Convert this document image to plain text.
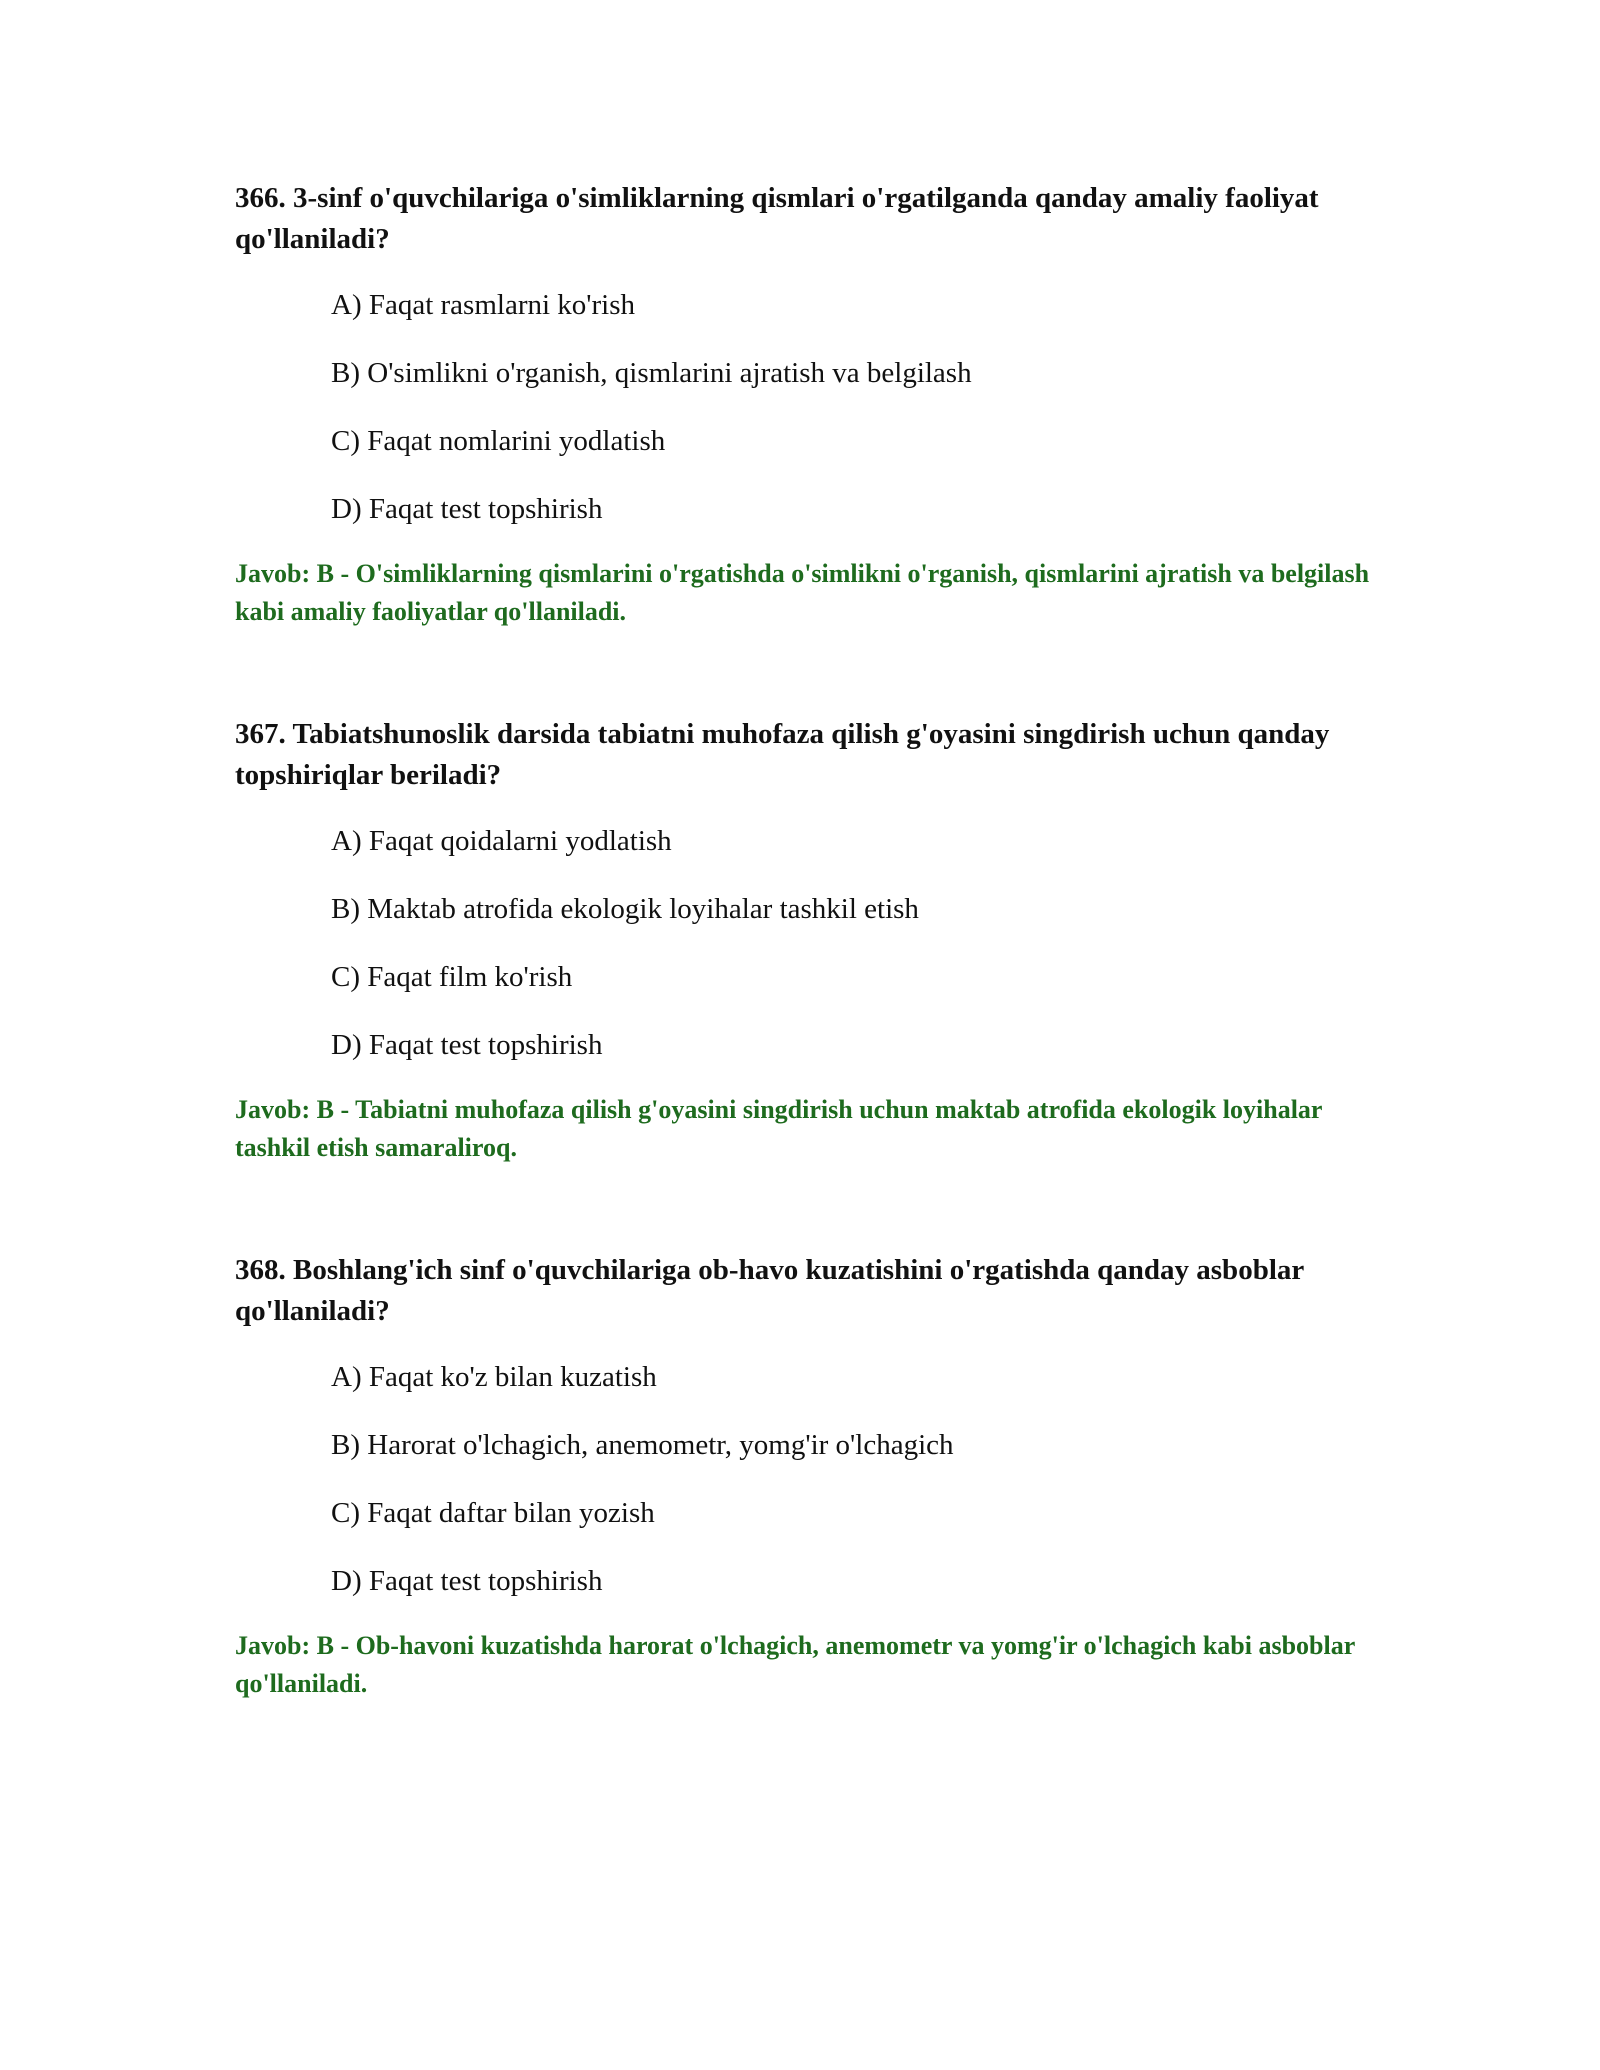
366. 3-sinf o'quvchilariga o'simliklarning qismlari o'rgatilganda qanday amaliy faoliyat qo'llaniladi?

A) Faqat rasmlarni ko'rish
B) O'simlikni o'rganish, qismlarini ajratish va belgilash
C) Faqat nomlarini yodlatish
D) Faqat test topshirish

Javob: B - O'simliklarning qismlarini o'rgatishda o'simlikni o'rganish, qismlarini ajratish va belgilash kabi amaliy faoliyatlar qo'llaniladi.

367. Tabiatshunoslik darsida tabiatni muhofaza qilish g'oyasini singdirish uchun qanday topshiriqlar beriladi?

A) Faqat qoidalarni yodlatish
B) Maktab atrofida ekologik loyihalar tashkil etish
C) Faqat film ko'rish
D) Faqat test topshirish

Javob: B - Tabiatni muhofaza qilish g'oyasini singdirish uchun maktab atrofida ekologik loyihalar tashkil etish samaraliroq.

368. Boshlang'ich sinf o'quvchilariga ob-havo kuzatishini o'rgatishda qanday asboblar qo'llaniladi?

A) Faqat ko'z bilan kuzatish
B) Harorat o'lchagich, anemometr, yomg'ir o'lchagich
C) Faqat daftar bilan yozish
D) Faqat test topshirish

Javob: B - Ob-havoni kuzatishda harorat o'lchagich, anemometr va yomg'ir o'lchagich kabi asboblar qo'llaniladi.
